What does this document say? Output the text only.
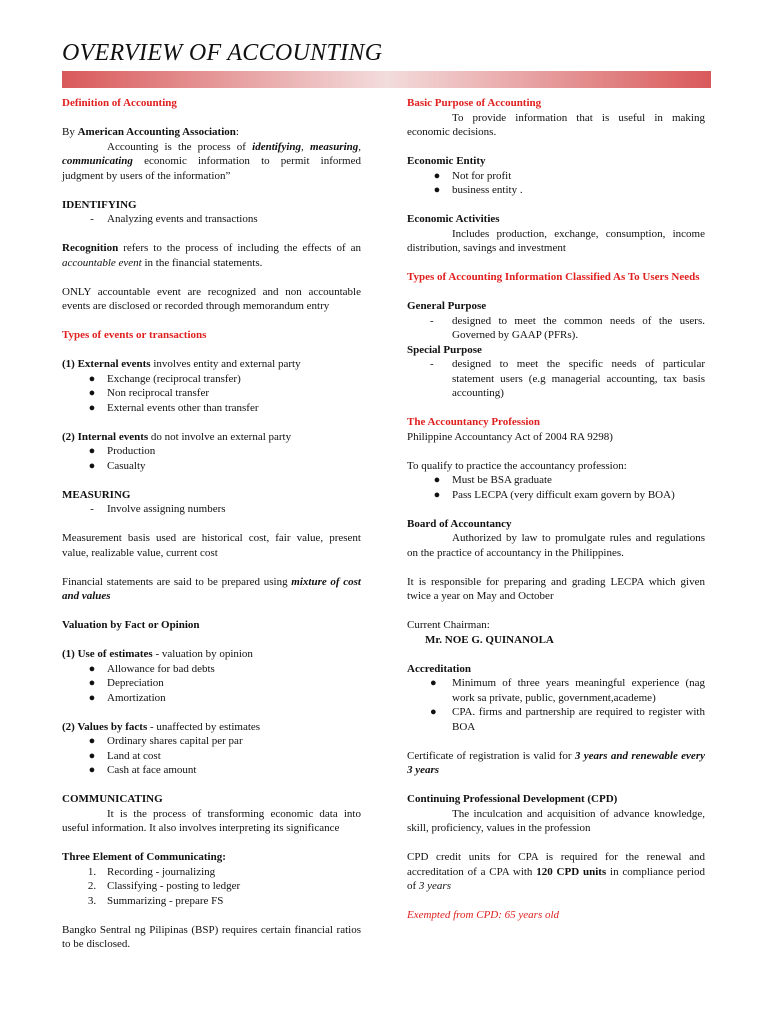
OVERVIEW OF ACCOUNTING

Definition of Accounting

By American Accounting Association:

Accounting is the process of identifying, measuring, communicating economic information to permit informed judgment by users of the information”

IDENTIFYING

-	Analyzing events and transactions

Recognition refers to the process of including the effects of an accountable event in the financial statements.

ONLY accountable event are recognized and non accountable events are disclosed or recorded through memorandum entry

Types of events or transactions

(1) External events involves entity and external party

●	Exchange (reciprocal transfer)

●	Non reciprocal transfer

●	External events other than transfer

(2) Internal events do not involve an external party

●	Production

●	Casualty

MEASURING

-	Involve assigning numbers

Measurement basis used are historical cost, fair value, present value, realizable value, current cost

Financial statements are said to be prepared using mixture of cost and values

Valuation by Fact or Opinion

(1) Use of estimates - valuation by opinion

●	Allowance for bad debts

●	Depreciation

●	Amortization

(2) Values by facts - unaffected by estimates

●	Ordinary shares capital per par

●	Land at cost

●	Cash at face amount

COMMUNICATING

It is the process of transforming economic data into useful information. It also involves interpreting its significance

Three Element of Communicating:

1. Recording - journalizing

2. Classifying - posting to ledger

3. Summarizing - prepare FS

Bangko Sentral ng Pilipinas (BSP) requires certain financial ratios to be disclosed.

Basic Purpose of Accounting

To provide information that is useful in making economic decisions.

Economic Entity

●	Not for profit

●	business entity .

Economic Activities

Includes production, exchange, consumption, income distribution, savings and investment

Types of Accounting Information Classified As To Users Needs

General Purpose

-	designed to meet the common needs of the users. Governed by GAAP (PFRs).

Special Purpose

-	designed to meet the specific needs of particular statement users (e.g managerial accounting, tax basis accounting)

The Accountancy Profession

Philippine Accountancy Act of 2004 RA 9298)

To qualify to practice the accountancy profession:

●	Must be BSA graduate

●	Pass LECPA (very difficult exam govern by BOA)

Board of Accountancy

Authorized by law to promulgate rules and regulations on the practice of accountancy in the Philippines.

It is responsible for preparing and grading LECPA which given twice a year on May and October

Current Chairman:

Mr. NOE G. QUINANOLA

Accreditation

●	Minimum of three years meaningful experience (nag work sa private, public, government,academe)

●	CPA. firms and partnership are required to register with BOA

Certificate of registration is valid for 3 years and renewable every 3 years

Continuing Professional Development (CPD)

The inculcation and acquisition of advance knowledge, skill, proficiency, values in the profession

CPD credit units for CPA is required for the renewal and accreditation of a CPA with 120 CPD units in compliance period of 3 years

Exempted from CPD: 65 years old
